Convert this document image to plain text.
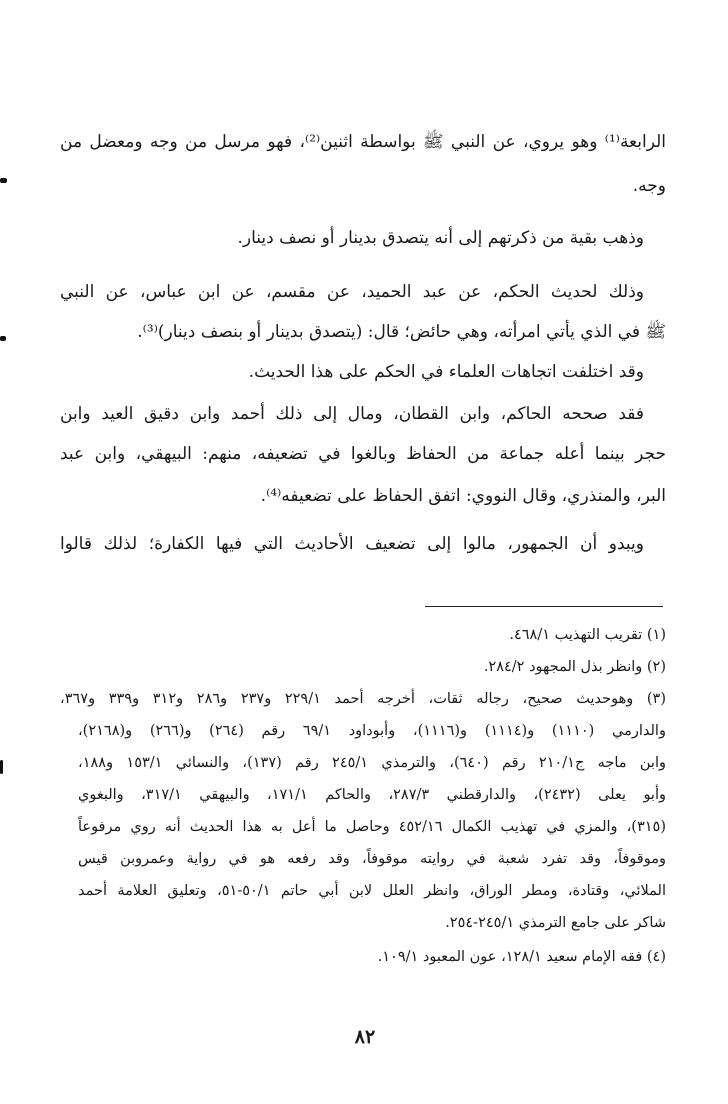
الرابعة⁽¹⁾ وهو يروي، عن النبي ﷺ بواسطة اثنين⁽²⁾، فهو مرسل من وجه ومعضل من
وجه.
وذهب بقية من ذكرتهم إلى أنه يتصدق بدينار أو نصف دينار.
وذلك لحديث الحكم، عن عبد الحميد، عن مقسم، عن ابن عباس، عن النبي
ﷺ في الذي يأتي امرأته، وهي حائض؛ قال: (يتصدق بدينار أو بنصف دينار)⁽³⁾.
وقد اختلفت اتجاهات العلماء في الحكم على هذا الحديث.
فقد صححه الحاكم، وابن القطان، ومال إلى ذلك أحمد وابن دقيق العيد وابن
حجر بينما أعله جماعة من الحفاظ وبالغوا في تضعيفه، منهم: البيهقي، وابن عبد
البر، والمنذري، وقال النووي: اتفق الحفاظ على تضعيفه⁽⁴⁾.
ويبدو أن الجمهور، مالوا إلى تضعيف الأحاديث التي فيها الكفارة؛ لذلك قالوا
(١) تقريب التهذيب ٤٦٨/١.
(٢) وانظر بذل المجهود ٢٨٤/٢.
(٣) وهوحديث صحيح، رجاله ثقات، أخرجه أحمد ٢٢٩/١ و٢٣٧ و٢٨٦ و٣١٢ و٣٣٩ و٣٦٧،
والدارمي (١١١٠) و(١١١٤) و(١١١٦)، وأبوداود ٦٩/١ رقم (٢٦٤) و(٢٦٦) و(٢١٦٨)،
وابن ماجه ج٢١٠/١ رقم (٦٤٠)، والترمذي ٢٤٥/١ رقم (١٣٧)، والنسائي ١٥٣/١ و١٨٨،
وأبو يعلى (٢٤٣٢)، والدارقطني ٢٨٧/٣، والحاكم ١٧١/١، والبيهقي ٣١٧/١، والبغوي
(٣١٥)، والمزي في تهذيب الكمال ٤٥٢/١٦ وحاصل ما أعل به هذا الحديث أنه روي مرفوعاً
وموقوفاً، وقد تفرد شعبة في روايته موقوفاً، وقد رفعه هو في رواية وعمروبن قيس
الملائي، وقتادة، ومطر الوراق، وانظر العلل لابن أبي حاتم ٥٠/١-٥١، وتعليق العلامة أحمد
شاكر على جامع الترمذي ٢٤٥/١-٢٥٤.
(٤) فقه الإمام سعيد ١٢٨/١، عون المعبود ١٠٩/١.
٨٢
